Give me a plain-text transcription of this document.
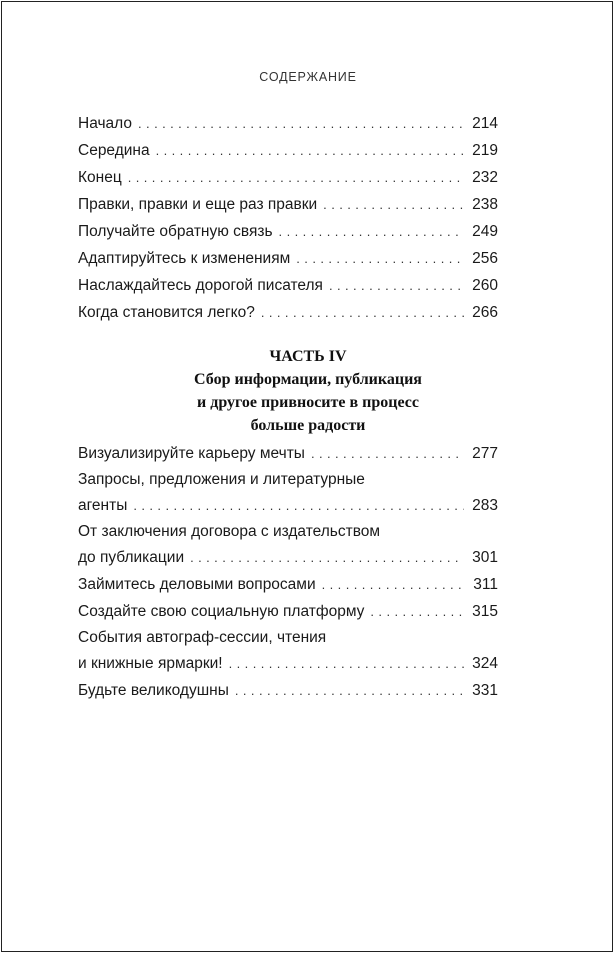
СОДЕРЖАНИЕ
Начало . . .	214
Середина . . .	219
Конец . . .	232
Правки, правки и еще раз правки . . .	238
Получайте обратную связь . . .	249
Адаптируйтесь к изменениям . . .	256
Наслаждайтесь дорогой писателя . . .	260
Когда становится легко? . . .	266
ЧАСТЬ IV
Сбор информации, публикация
и другое привносите в процесс
больше радости
Визуализируйте карьеру мечты . . .	277
Запросы, предложения и литературные
агенты . . .	283
От заключения договора с издательством
до публикации . . .	301
Займитесь деловыми вопросами . . .	311
Создайте свою социальную платформу . . .	315
События автограф-сессии, чтения
и книжные ярмарки! . . .	324
Будьте великодушны . . .	331
